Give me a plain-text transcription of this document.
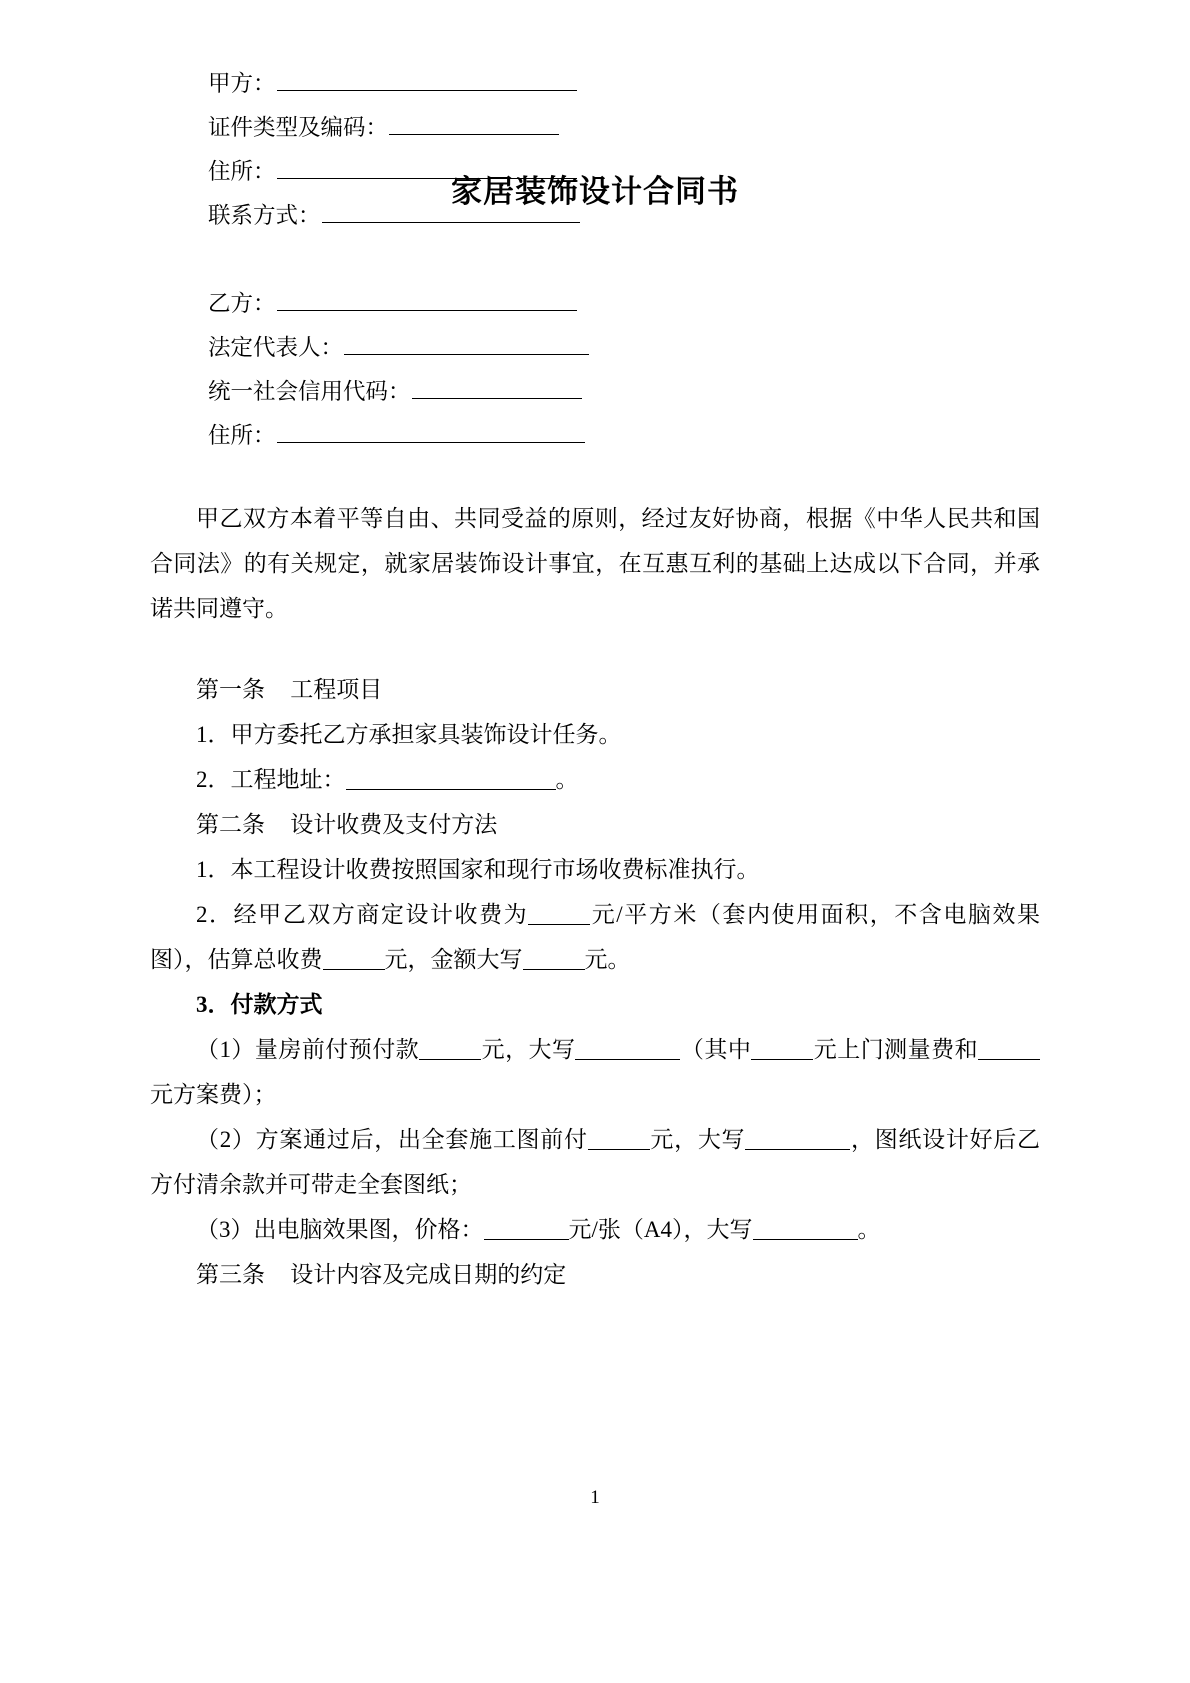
家居装饰设计合同书
甲方：
证件类型及编码：
住所：
联系方式：
乙方：
法定代表人：
统一社会信用代码：
住所：

甲乙双方本着平等自由、共同受益的原则，经过友好协商，根据《中华人民共和国合同法》的有关规定，就家居装饰设计事宜，在互惠互利的基础上达成以下合同，并承诺共同遵守。

第一条 工程项目

1．甲方委托乙方承担家具装饰设计任务。

2．工程地址：	。

第二条 设计收费及支付方法

1．本工程设计收费按照国家和现行市场收费标准执行。

2．经甲乙双方商定设计收费为	元/平方米（套内使用面积，不含电脑效果图），估算总收费	元，金额大写	元。

3．付款方式

（1）量房前付预付款	元，大写	（其中	元上门测量费和元方案费）；

（2）方案通过后，出全套施工图前付	元，大写	，图纸设计好后乙方付清余款并可带走全套图纸；

（3）出电脑效果图，价格：	元/张（A4），大写	。

第三条 设计内容及完成日期的约定

1
